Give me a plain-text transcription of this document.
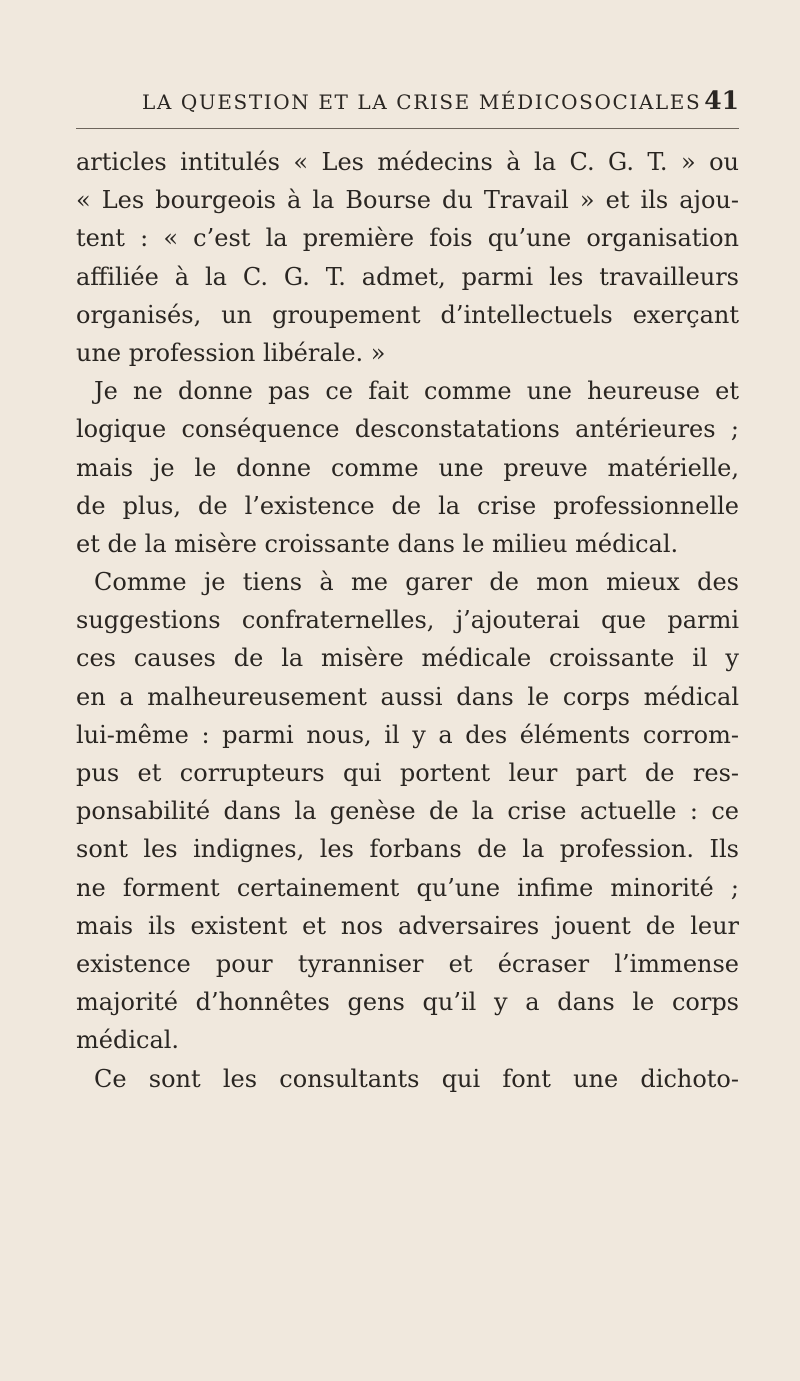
LA QUESTION ET LA CRISE MÉDICOSOCIALES 41
articles intitulés « Les médecins à la C. G. T. » ou
« Les bourgeois à la Bourse du Travail » et ils ajou-
tent : « c’est la première fois qu’une organisation
affiliée à la C. G. T. admet, parmi les travailleurs
organisés, un groupement d’intellectuels exerçant
une profession libérale. »
Je ne donne pas ce fait comme une heureuse et
logique conséquence desconstatations antérieures ;
mais je le donne comme une preuve matérielle,
de plus, de l’existence de la crise professionnelle
et de la misère croissante dans le milieu médical.
Comme je tiens à me garer de mon mieux des
suggestions confraternelles, j’ajouterai que parmi
ces causes de la misère médicale croissante il y
en a malheureusement aussi dans le corps médical
lui-même : parmi nous, il y a des éléments corrom-
pus et corrupteurs qui portent leur part de res-
ponsabilité dans la genèse de la crise actuelle : ce
sont les indignes, les forbans de la profession. Ils
ne forment certainement qu’une infime minorité ;
mais ils existent et nos adversaires jouent de leur
existence pour tyranniser et écraser l’immense
majorité d’honnêtes gens qu’il y a dans le corps
médical.
Ce sont les consultants qui font une dichoto-
